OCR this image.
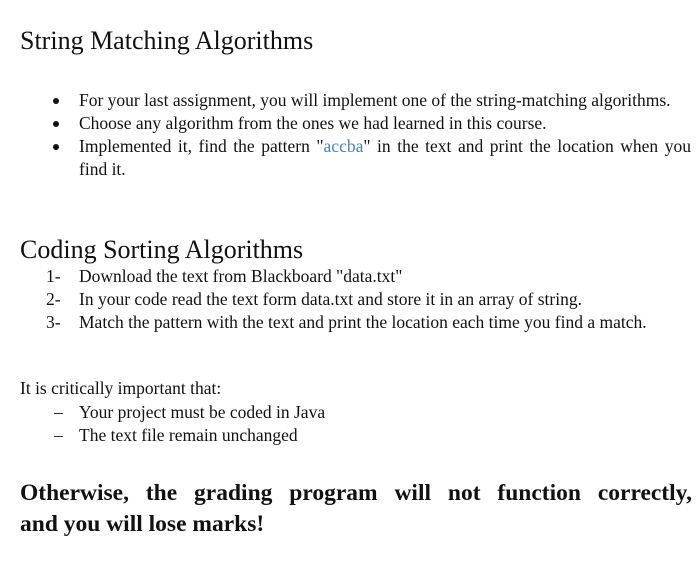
String Matching Algorithms
For your last assignment, you will implement one of the string-matching algorithms.
Choose any algorithm from the ones we had learned in this course.
Implemented it, find the pattern "accba" in the text and print the location when you find it.
Coding Sorting Algorithms
1-	Download the text from Blackboard "data.txt"
2-	In your code read the text form data.txt and store it in an array of string.
3-	Match the pattern with the text and print the location each time you find a match.

It is critically important that:

– Your project must be coded in Java
– The text file remain unchanged

Otherwise, the grading program will not function correctly,
and you will lose marks!
